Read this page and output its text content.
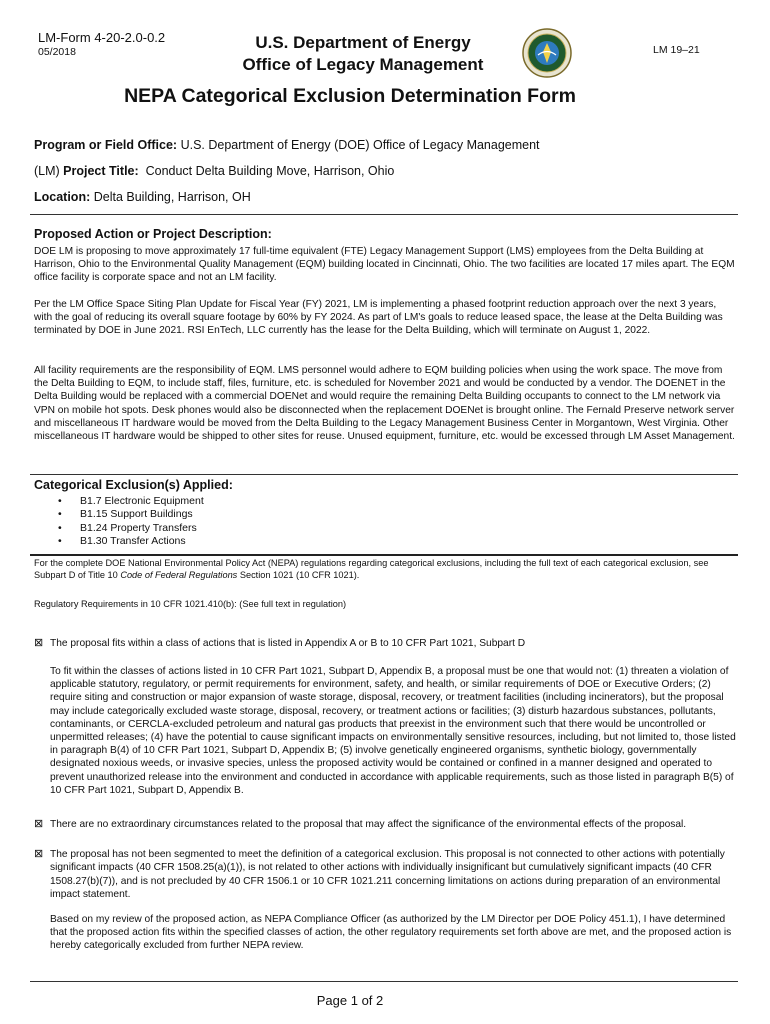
LM-Form 4-20-2.0-0.2
05/2018	U.S. Department of Energy
Office of Legacy Management
LM 19–21
NEPA Categorical Exclusion Determination Form
Program or Field Office: U.S. Department of Energy (DOE) Office of Legacy Management
(LM) Project Title:  Conduct Delta Building Move, Harrison, Ohio
Location: Delta Building, Harrison, OH
Proposed Action or Project Description:
DOE LM is proposing to move approximately 17 full-time equivalent (FTE) Legacy Management Support (LMS) employees from the Delta Building at Harrison, Ohio to the Environmental Quality Management (EQM) building located in Cincinnati, Ohio. The two facilities are located 17 miles apart. The EQM office facility is corporate space and not an LM facility.
Per the LM Office Space Siting Plan Update for Fiscal Year (FY) 2021, LM is implementing a phased footprint reduction approach over the next 3 years, with the goal of reducing its overall square footage by 60% by FY 2024. As part of LM's goals to reduce leased space, the lease at the Delta Building was terminated by DOE in June 2021. RSI EnTech, LLC currently has the lease for the Delta Building, which will terminate on August 1, 2022.
All facility requirements are the responsibility of EQM. LMS personnel would adhere to EQM building policies when using the work space. The move from the Delta Building to EQM, to include staff, files, furniture, etc. is scheduled for November 2021 and would be conducted by a vendor. The DOENET in the Delta Building would be replaced with a commercial DOENet and would require the remaining Delta Building occupants to connect to the LM network via VPN on mobile hot spots. Desk phones would also be disconnected when the replacement DOENet is brought online. The Fernald Preserve network server and miscellaneous IT hardware would be moved from the Delta Building to the Legacy Management Business Center in Morgantown, West Virginia. Other miscellaneous IT hardware would be shipped to other sites for reuse. Unused equipment, furniture, etc. would be excessed through LM Asset Management.
Categorical Exclusion(s) Applied:
•	B1.7 Electronic Equipment
•	B1.15 Support Buildings
•	B1.24 Property Transfers
•	B1.30 Transfer Actions
For the complete DOE National Environmental Policy Act (NEPA) regulations regarding categorical exclusions, including the full text of each categorical exclusion, see Subpart D of Title 10 Code of Federal Regulations Section 1021 (10 CFR 1021).
Regulatory Requirements in 10 CFR 1021.410(b): (See full text in regulation)
⊠ The proposal fits within a class of actions that is listed in Appendix A or B to 10 CFR Part 1021, Subpart D
To fit within the classes of actions listed in 10 CFR Part 1021, Subpart D, Appendix B, a proposal must be one that would not: (1) threaten a violation of applicable statutory, regulatory, or permit requirements for environment, safety, and health, or similar requirements of DOE or Executive Orders; (2) require siting and construction or major expansion of waste storage, disposal, recovery, or treatment facilities (including incinerators), but the proposal may include categorically excluded waste storage, disposal, recovery, or treatment actions or facilities; (3) disturb hazardous substances, pollutants, contaminants, or CERCLA-excluded petroleum and natural gas products that preexist in the environment such that there would be uncontrolled or unpermitted releases; (4) have the potential to cause significant impacts on environmentally sensitive resources, including, but not limited to, those listed in paragraph B(4) of 10 CFR Part 1021, Subpart D, Appendix B; (5) involve genetically engineered organisms, synthetic biology, governmentally designated noxious weeds, or invasive species, unless the proposed activity would be contained or confined in a manner designed and operated to prevent unauthorized release into the environment and conducted in accordance with applicable requirements, such as those listed in paragraph B(5) of 10 CFR Part 1021, Subpart D, Appendix B.
⊠ There are no extraordinary circumstances related to the proposal that may affect the significance of the environmental effects of the proposal.
⊠ The proposal has not been segmented to meet the definition of a categorical exclusion. This proposal is not connected to other actions with potentially significant impacts (40 CFR 1508.25(a)(1)), is not related to other actions with individually insignificant but cumulatively significant impacts (40 CFR 1508.27(b)(7)), and is not precluded by 40 CFR 1506.1 or 10 CFR 1021.211 concerning limitations on actions during preparation of an environmental impact statement.
Based on my review of the proposed action, as NEPA Compliance Officer (as authorized by the LM Director per DOE Policy 451.1), I have determined that the proposed action fits within the specified classes of action, the other regulatory requirements set forth above are met, and the proposed action is hereby categorically excluded from further NEPA review.
Page 1 of 2
